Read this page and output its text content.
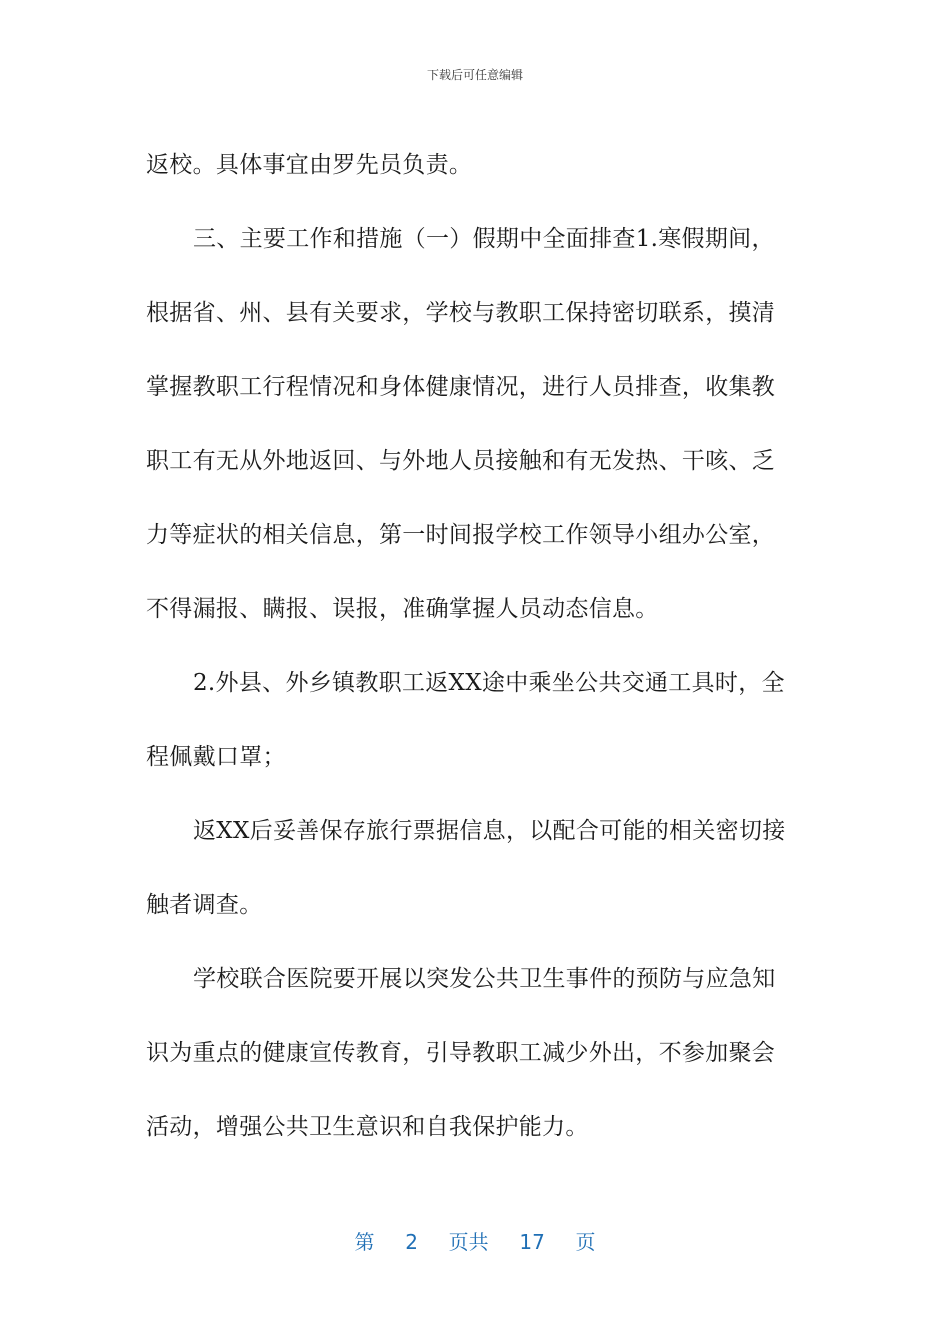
下载后可任意编辑
返校。具体事宜由罗先员负责。
三、主要工作和措施（一）假期中全面排查1.寒假期间，
根据省、州、县有关要求，学校与教职工保持密切联系，摸清
掌握教职工行程情况和身体健康情况，进行人员排查，收集教
职工有无从外地返回、与外地人员接触和有无发热、干咳、乏
力等症状的相关信息，第一时间报学校工作领导小组办公室，
不得漏报、瞒报、误报，准确掌握人员动态信息。
2.外县、外乡镇教职工返XX途中乘坐公共交通工具时，全
程佩戴口罩；
返XX后妥善保存旅行票据信息，以配合可能的相关密切接
触者调查。
学校联合医院要开展以突发公共卫生事件的预防与应急知
识为重点的健康宣传教育，引导教职工减少外出，不参加聚会
活动，增强公共卫生意识和自我保护能力。
第 2 页共 17 页
